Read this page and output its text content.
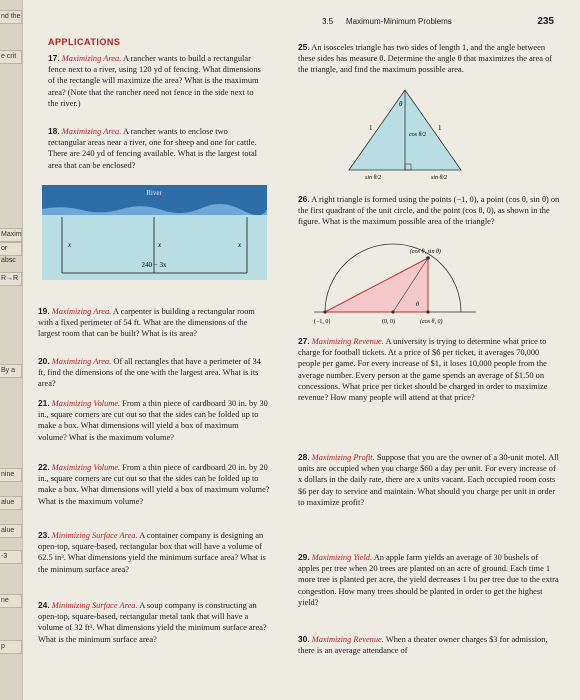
nd the
e crit
Maxim
or absc
R→R
By a
nine
alue
alue
-3
ne
p
3.5 Maximum-Minimum Problems	235
APPLICATIONS
17. Maximizing Area. A rancher wants to build a rectangular fence next to a river, using 120 yd of fencing. What dimensions of the rectangle will maximize the area? What is the maximum area? (Note that the rancher need not fence in the side next to the river.)
18. Maximizing Area. A rancher wants to enclose two rectangular areas near a river, one for sheep and one for cattle. There are 240 yd of fencing available. What is the largest total area that can be enclosed?
River
x	x	x
240 − 3x
19. Maximizing Area. A carpenter is building a rectangular room with a fixed perimeter of 54 ft. What are the dimensions of the largest room that can be built? What is its area?
20. Maximizing Area. Of all rectangles that have a perimeter of 34 ft, find the dimensions of the one with the largest area. What is its area?
21. Maximizing Volume. From a thin piece of cardboard 30 in. by 30 in., square corners are cut out so that the sides can be folded up to make a box. What dimensions will yield a box of maximum volume? What is the maximum volume?
22. Maximizing Volume. From a thin piece of cardboard 20 in. by 20 in., square corners are cut out so that the sides can be folded up to make a box. What dimensions will yield a box of maximum volume? What is the maximum volume?
23. Minimizing Surface Area. A container company is designing an open-top, square-based, rectangular box that will have a volume of 62.5 in³. What dimensions yield the minimum surface area? What is the minimum surface area?
24. Minimizing Surface Area. A soup company is constructing an open-top, square-based, rectangular metal tank that will have a volume of 32 ft³. What dimensions yield the minimum surface area? What is the minimum surface area?
25. An isosceles triangle has two sides of length 1, and the angle between these sides has measure θ. Determine the angle θ that maximizes the area of the triangle, and find the maximum possible area.
θ
1	1
cos θ/2
sin θ/2	sin θ/2
26. A right triangle is formed using the points (−1, 0), a point (cos θ, sin θ) on the first quadrant of the unit circle, and the point (cos θ, 0), as shown in the figure. What is the maximum possible area of the triangle?
(cos θ, sin θ)
(−1, 0)	(0, 0)	(cos θ, 0)
θ
27. Maximizing Revenue. A university is trying to determine what price to charge for football tickets. At a price of $6 per ticket, it averages 70,000 people per game. For every increase of $1, it loses 10,000 people from the average number. Every person at the game spends an average of $1.50 on concessions. What price per ticket should be charged in order to maximize revenue? How many people will attend at that price?
28. Maximizing Profit. Suppose that you are the owner of a 30-unit motel. All units are occupied when you charge $60 a day per unit. For every increase of x dollars in the daily rate, there are x units vacant. Each occupied room costs $6 per day to service and maintain. What should you charge per unit in order to maximize profit?
29. Maximizing Yield. An apple farm yields an average of 30 bushels of apples per tree when 20 trees are planted on an acre of ground. Each time 1 more tree is planted per acre, the yield decreases 1 bu per tree due to the extra congestion. How many trees should be planted in order to get the highest yield?
30. Maximizing Revenue. When a theater owner charges $3 for admission, there is an average attendance of
